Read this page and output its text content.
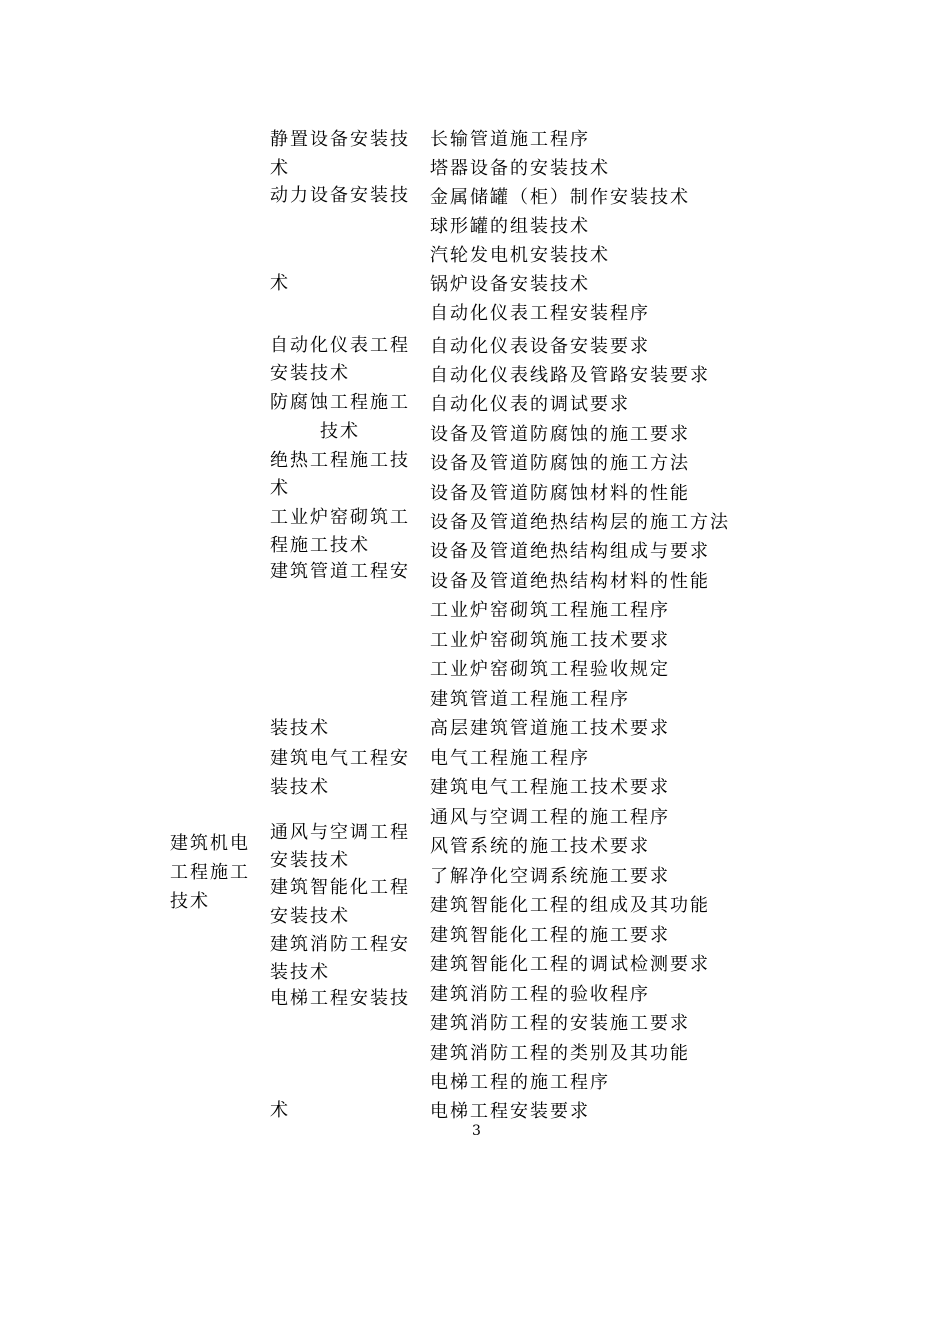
建筑机电
工程施工
技术
静置设备安装技
术
动力设备安装技
术
自动化仪表工程
安装技术
防腐蚀工程施工
技术
绝热工程施工技
术
工业炉窑砌筑工
程施工技术
建筑管道工程安
装技术
建筑电气工程安
装技术
通风与空调工程
安装技术
建筑智能化工程
安装技术
建筑消防工程安
装技术
电梯工程安装技
术
长输管道施工程序
塔器设备的安装技术
金属储罐（柜）制作安装技术
球形罐的组装技术
汽轮发电机安装技术
锅炉设备安装技术
自动化仪表工程安装程序
自动化仪表设备安装要求
自动化仪表线路及管路安装要求
自动化仪表的调试要求
设备及管道防腐蚀的施工要求
设备及管道防腐蚀的施工方法
设备及管道防腐蚀材料的性能
设备及管道绝热结构层的施工方法
设备及管道绝热结构组成与要求
设备及管道绝热结构材料的性能
工业炉窑砌筑工程施工程序
工业炉窑砌筑施工技术要求
工业炉窑砌筑工程验收规定
建筑管道工程施工程序
高层建筑管道施工技术要求
电气工程施工程序
建筑电气工程施工技术要求
通风与空调工程的施工程序
风管系统的施工技术要求
了解净化空调系统施工要求
建筑智能化工程的组成及其功能
建筑智能化工程的施工要求
建筑智能化工程的调试检测要求
建筑消防工程的验收程序
建筑消防工程的安装施工要求
建筑消防工程的类别及其功能
电梯工程的施工程序
电梯工程安装要求
3
